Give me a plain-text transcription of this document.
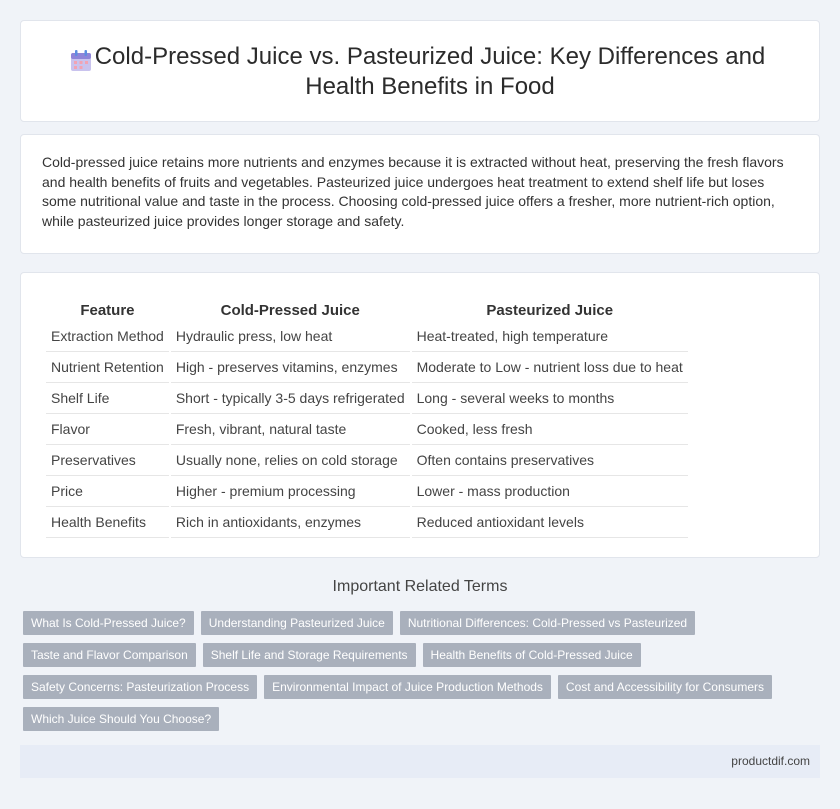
Cold-Pressed Juice vs. Pasteurized Juice: Key Differences and Health Benefits in Food

Cold-pressed juice retains more nutrients and enzymes because it is extracted without heat, preserving the fresh flavors and health benefits of fruits and vegetables. Pasteurized juice undergoes heat treatment to extend shelf life but loses some nutritional value and taste in the process. Choosing cold-pressed juice offers a fresher, more nutrient-rich option, while pasteurized juice provides longer storage and safety.

Feature	Cold-Pressed Juice	Pasteurized Juice
Extraction Method	Hydraulic press, low heat	Heat-treated, high temperature
Nutrient Retention	High - preserves vitamins, enzymes	Moderate to Low - nutrient loss due to heat
Shelf Life	Short - typically 3-5 days refrigerated	Long - several weeks to months
Flavor	Fresh, vibrant, natural taste	Cooked, less fresh
Preservatives	Usually none, relies on cold storage	Often contains preservatives
Price	Higher - premium processing	Lower - mass production
Health Benefits	Rich in antioxidants, enzymes	Reduced antioxidant levels
Important Related Terms
What Is Cold-Pressed Juice?	Understanding Pasteurized Juice	Nutritional Differences: Cold-Pressed vs Pasteurized
Taste and Flavor Comparison	Shelf Life and Storage Requirements	Health Benefits of Cold-Pressed Juice
Safety Concerns: Pasteurization Process	Environmental Impact of Juice Production Methods	Cost and Accessibility for Consumers
Which Juice Should You Choose?
productdif.com
